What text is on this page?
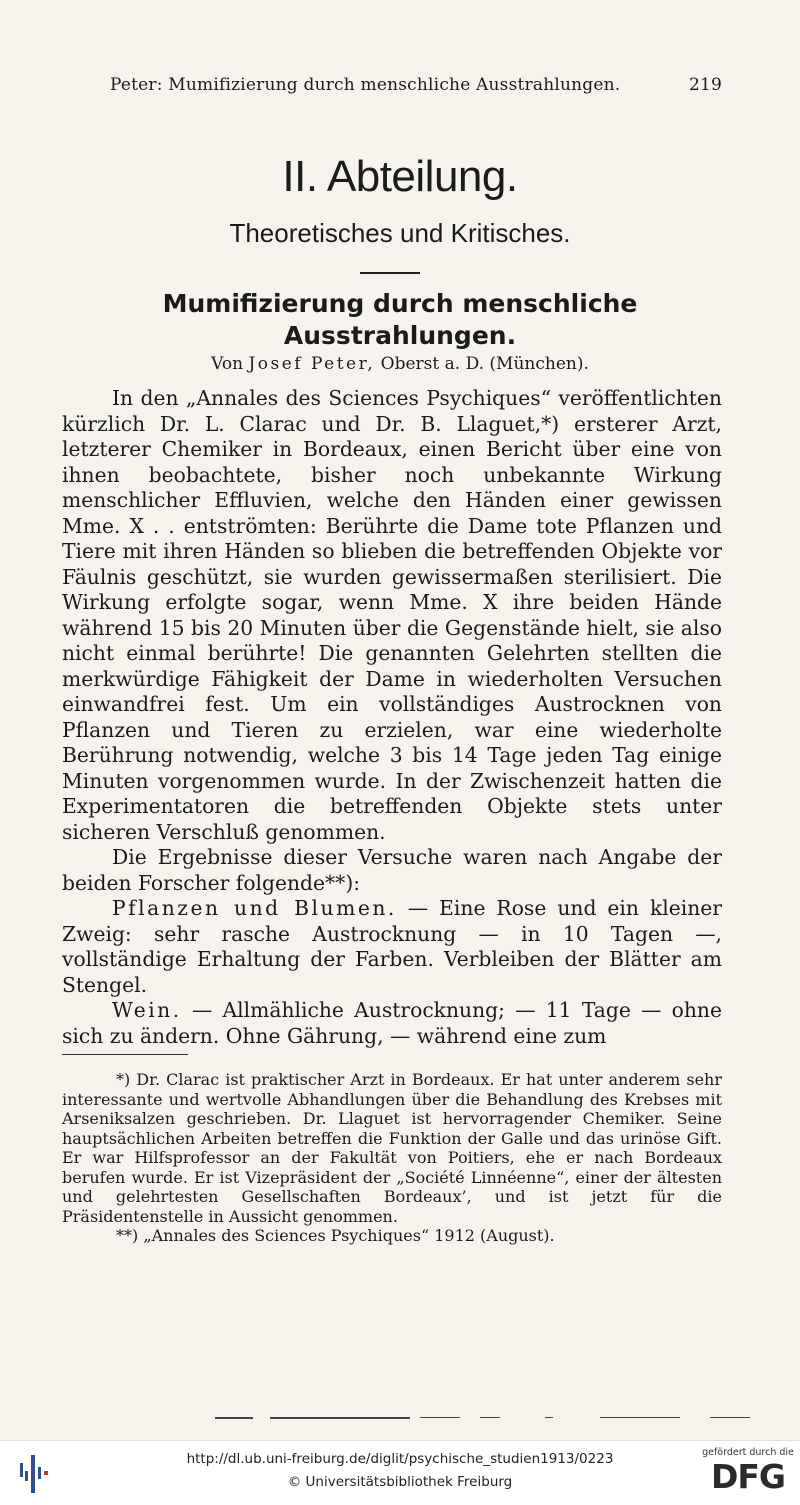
Peter: Mumifizierung durch menschliche Ausstrahlungen.	219
II. Abteilung.
Theoretisches und Kritisches.
Mumifizierung durch menschliche Ausstrahlungen.
Von Josef Peter, Oberst a. D. (München).

In den „Annales des Sciences Psychiques“ veröffentlichten kürzlich Dr. L. Clarac und Dr. B. Llaguet,*) ersterer Arzt, letzterer Chemiker in Bordeaux, einen Bericht über eine von ihnen beobachtete, bisher noch unbekannte Wirkung menschlicher Effluvien, welche den Händen einer gewissen Mme. X . . entströmten: Berührte die Dame tote Pflanzen und Tiere mit ihren Händen so blieben die betreffenden Objekte vor Fäulnis geschützt, sie wurden gewissermaßen sterilisiert. Die Wirkung erfolgte sogar, wenn Mme. X ihre beiden Hände während 15 bis 20 Minuten über die Gegenstände hielt, sie also nicht einmal berührte! Die genannten Gelehrten stellten die merkwürdige Fähigkeit der Dame in wiederholten Versuchen einwandfrei fest. Um ein vollständiges Austrocknen von Pflanzen und Tieren zu erzielen, war eine wiederholte Berührung notwendig, welche 3 bis 14 Tage jeden Tag einige Minuten vorgenommen wurde. In der Zwischenzeit hatten die Experimentatoren die betreffenden Objekte stets unter sicheren Verschluß genommen.

Die Ergebnisse dieser Versuche waren nach Angabe der beiden Forscher folgende**):

Pflanzen und Blumen. — Eine Rose und ein kleiner Zweig: sehr rasche Austrocknung — in 10 Tagen —, vollständige Erhaltung der Farben. Verbleiben der Blätter am Stengel.

Wein. — Allmähliche Austrocknung; — 11 Tage — ohne sich zu ändern. Ohne Gährung, — während eine zum

*) Dr. Clarac ist praktischer Arzt in Bordeaux. Er hat unter anderem sehr interessante und wertvolle Abhandlungen über die Behandlung des Krebses mit Arseniksalzen geschrieben. Dr. Llaguet ist hervorragender Chemiker. Seine hauptsächlichen Arbeiten betreffen die Funktion der Galle und das urinöse Gift. Er war Hilfsprofessor an der Fakultät von Poitiers, ehe er nach Bordeaux berufen wurde. Er ist Vizepräsident der „Société Linnéenne“, einer der ältesten und gelehrtesten Gesellschaften Bordeaux’, und ist jetzt für die Präsidentenstelle in Aussicht genommen.

**) „Annales des Sciences Psychiques“ 1912 (August).

http://dl.ub.uni-freiburg.de/diglit/psychische_studien1913/0223
© Universitätsbibliothek Freiburg
gefördert durch die
DFG
